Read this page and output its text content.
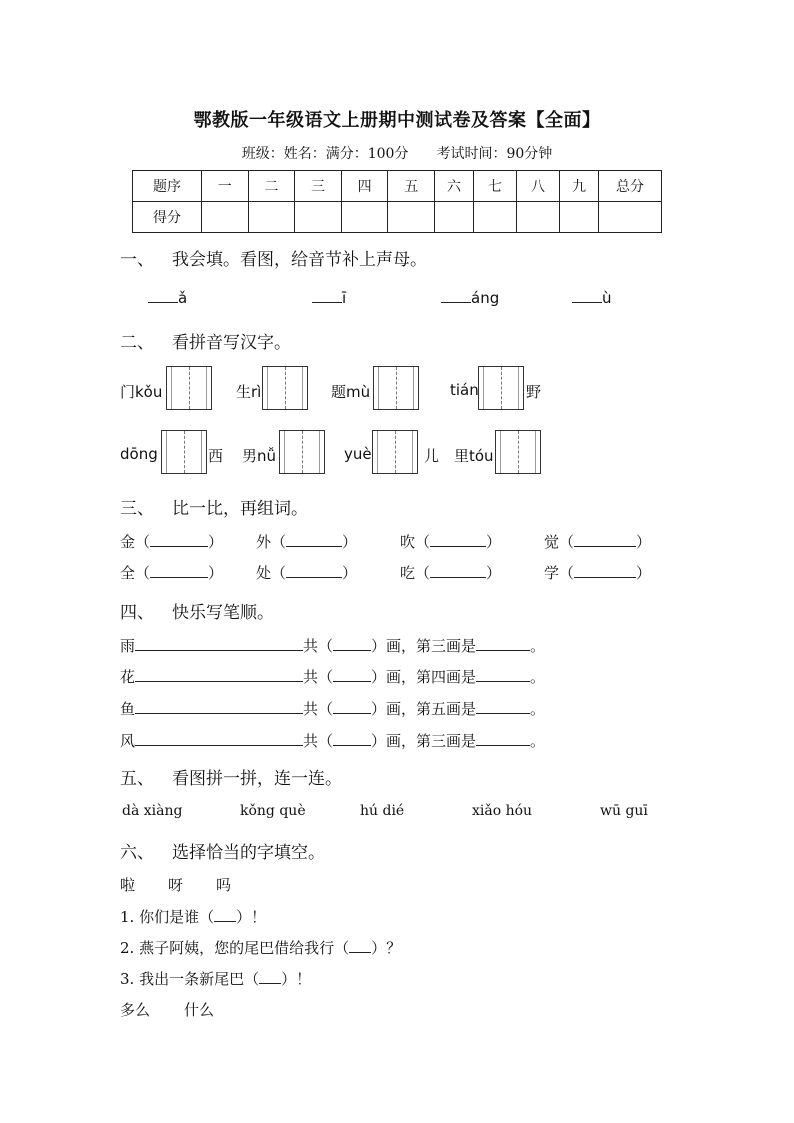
鄂教版一年级语文上册期中测试卷及答案【全面】
班级：姓名：满分：100分　　考试时间：90分钟
题序	一	二	三	四	五	六	七	八	九	总分
得分										
一、 我会填。看图，给音节补上声母。
ǎ	ī	áng	ù
二、 看拼音写汉字。
门kǒu	生rì	题mù	tián	野
dōng	西 男nǚ	yuè	儿 里tóu
三、 比一比，再组词。
金（	） 外（	）	吹（	）	觉（	）
全（	） 处（	）	吃（	）	学（	）
四、 快乐写笔顺。
雨	共（	）画，第三画是	。
花	共（	）画，第四画是	。
鱼	共（	）画，第五画是	。
风	共（	）画，第三画是	。
五、 看图拼一拼，连一连。
dà xiàng	kǒng què	hú dié	xiǎo hóu	wū guī
六、 选择恰当的字填空。
啦 呀 吗
1. 你们是谁（ ）！
2. 燕子阿姨，您的尾巴借给我行（ ）？
3. 我出一条新尾巴（ ）！
多么 什么
